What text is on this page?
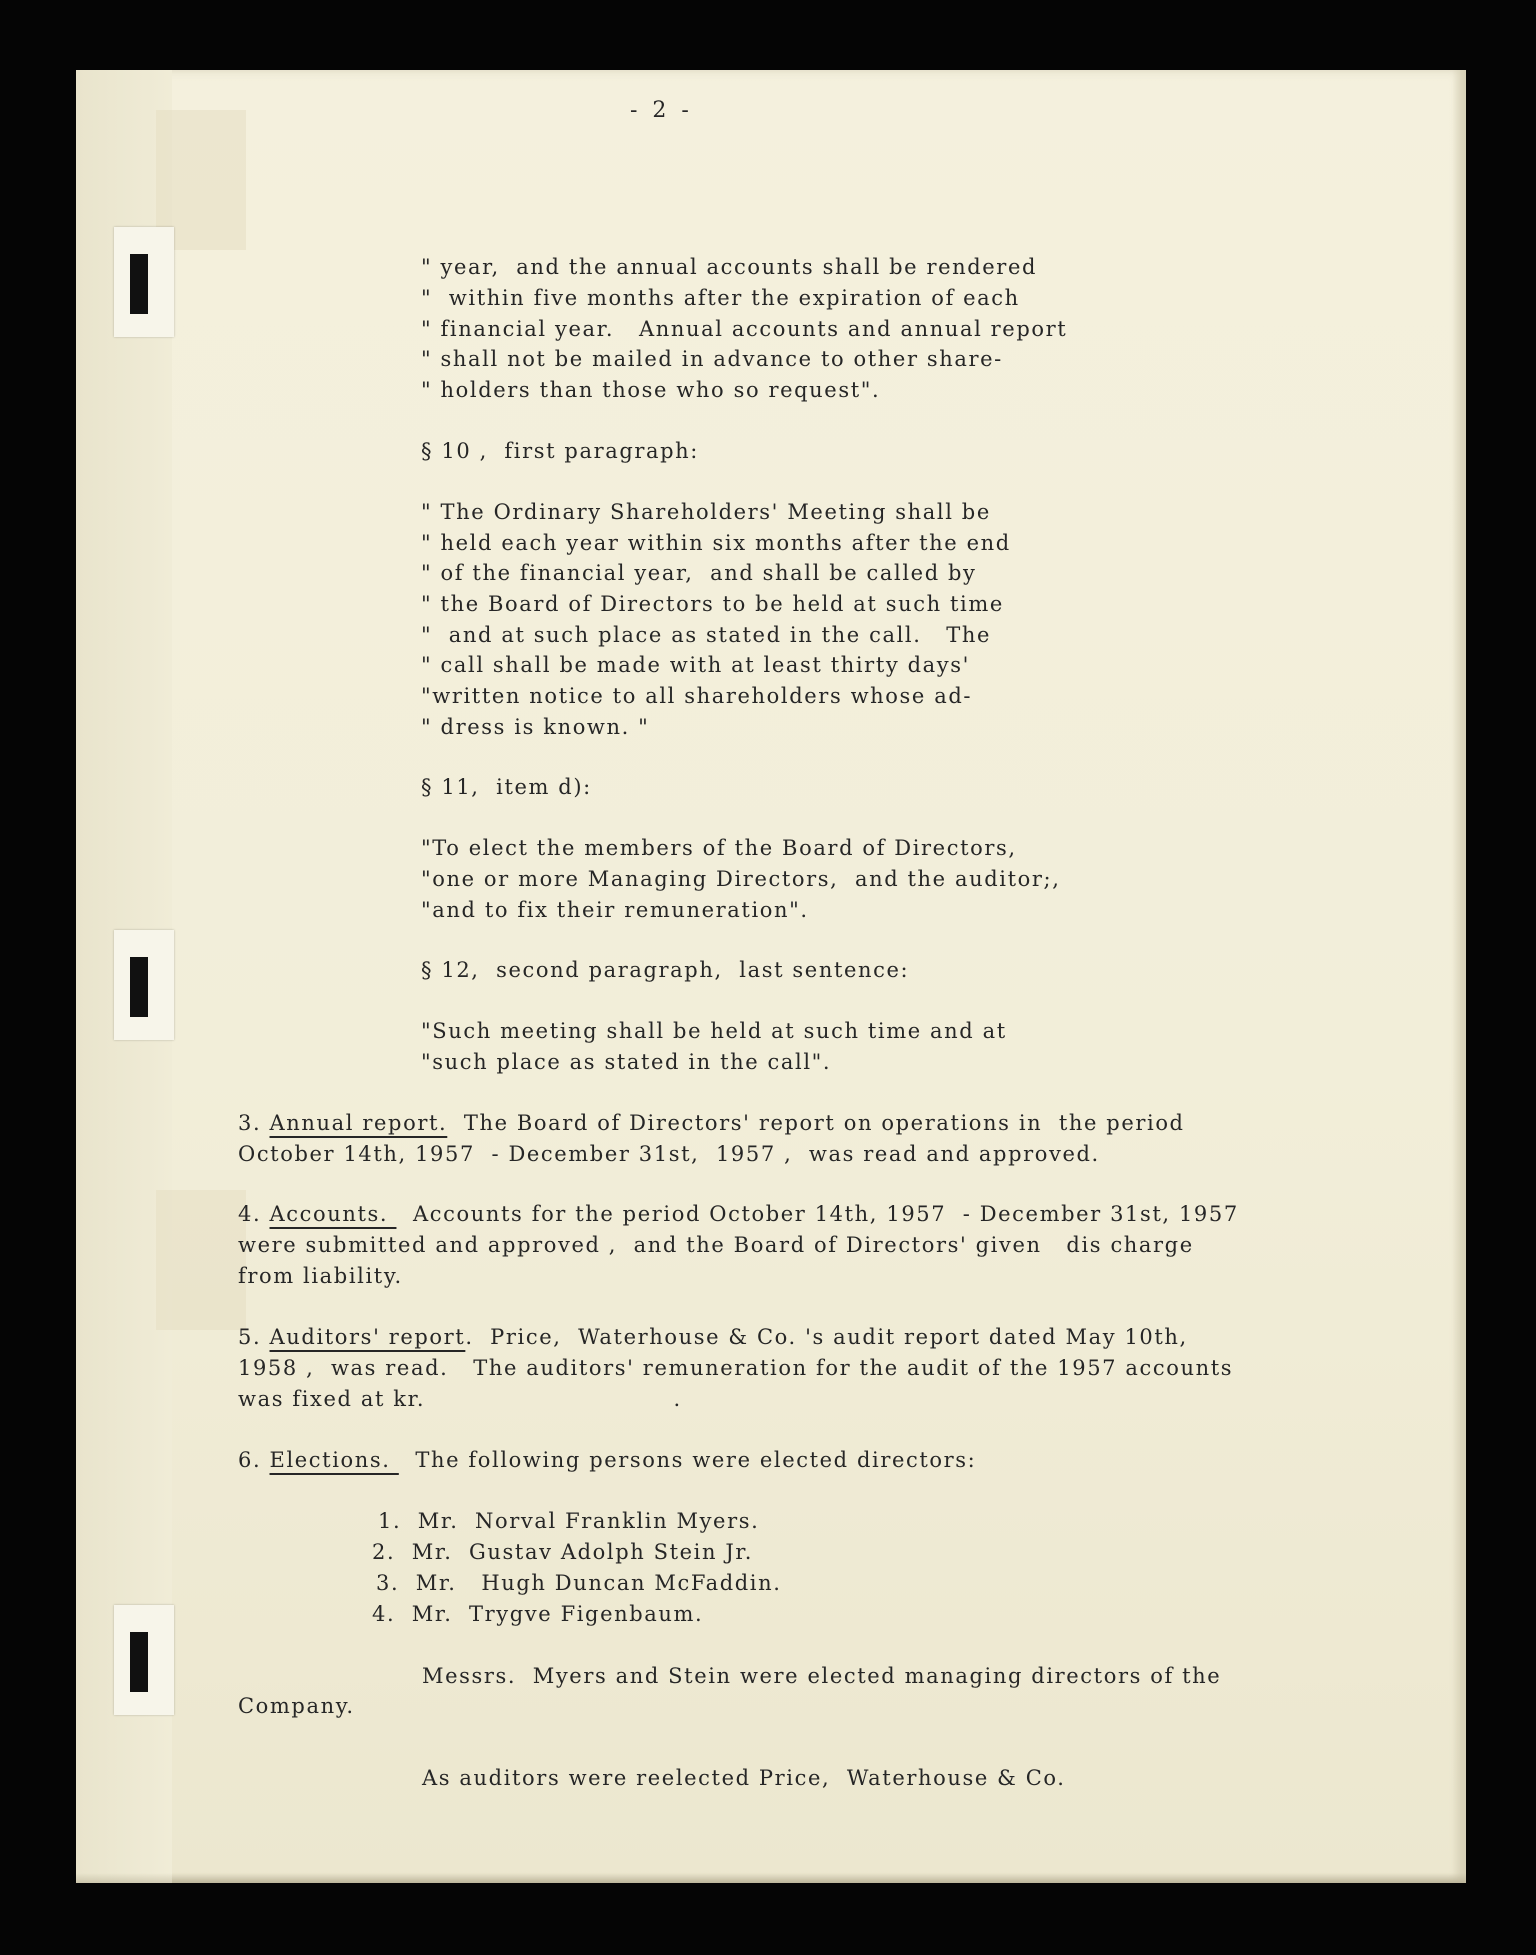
- 2 -
" year,  and the annual accounts shall be rendered
"  within five months after the expiration of each
" financial year.   Annual accounts and annual report
" shall not be mailed in advance to other share-
" holders than those who so request".
§ 10 ,  first paragraph:
" The Ordinary Shareholders' Meeting shall be
" held each year within six months after the end
" of the financial year,  and shall be called by
" the Board of Directors to be held at such time
"  and at such place as stated in the call.   The
" call shall be made with at least thirty days'
"written notice to all shareholders whose ad-
" dress is known. "
§ 11,  item d):
"To elect the members of the Board of Directors,
"one or more Managing Directors,  and the auditor;,
"and to fix their remuneration".
§ 12,  second paragraph,  last sentence:
"Such meeting shall be held at such time and at
"such place as stated in the call".
3. Annual report.  The Board of Directors' report on operations in  the period
October 14th, 1957  - December 31st,  1957 ,  was read and approved.
4. Accounts.   Accounts for the period October 14th, 1957  - December 31st, 1957
were submitted and approved ,  and the Board of Directors' given   dis charge
from liability.
5. Auditors' report.  Price,  Waterhouse & Co. 's audit report dated May 10th,
1958 ,  was read.   The auditors' remuneration for the audit of the 1957 accounts
was fixed at kr.                              .
6. Elections.   The following persons were elected directors:
1.  Mr.  Norval Franklin Myers.
2.  Mr.  Gustav Adolph Stein Jr.
3.  Mr.   Hugh Duncan McFaddin.
4.  Mr.  Trygve Figenbaum.
Messrs.  Myers and Stein were elected managing directors of the
Company.
As auditors were reelected Price,  Waterhouse & Co.
